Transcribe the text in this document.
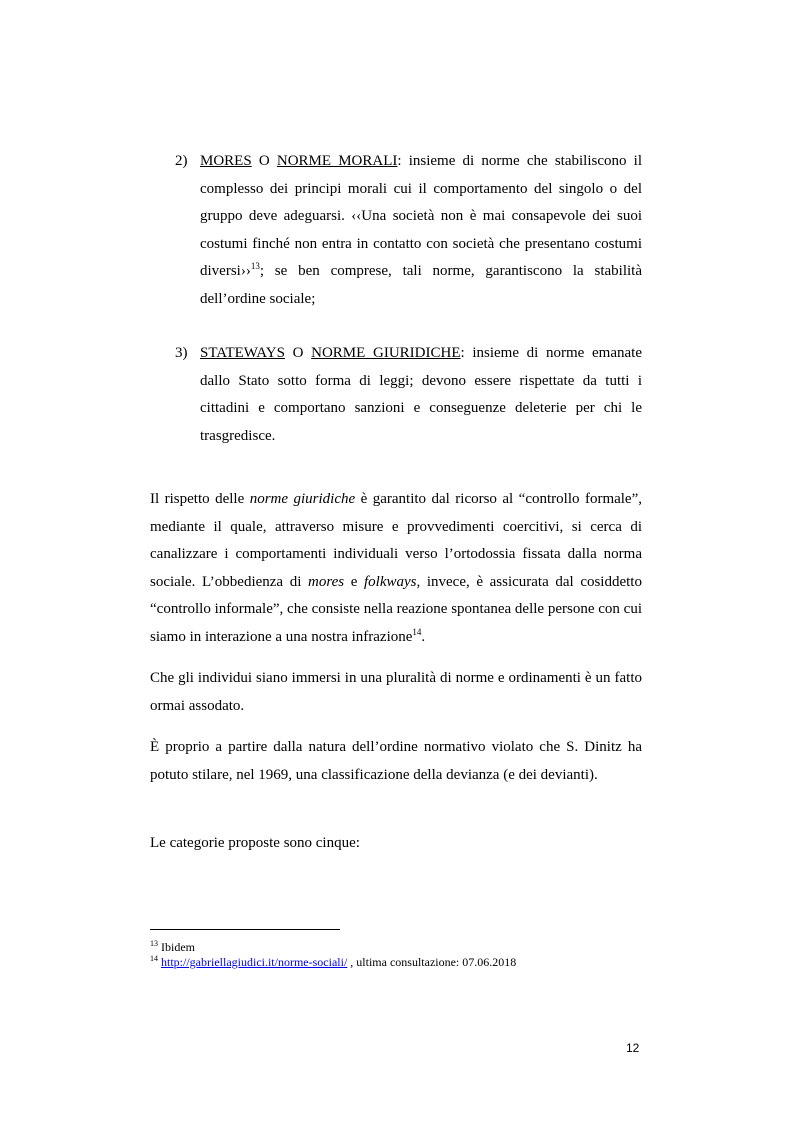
2) MORES O NORME MORALI: insieme di norme che stabiliscono il complesso dei principi morali cui il comportamento del singolo o del gruppo deve adeguarsi. ‹‹Una società non è mai consapevole dei suoi costumi finché non entra in contatto con società che presentano costumi diversi››$^{13}$; se ben comprese, tali norme, garantiscono la stabilità dell’ordine sociale;
3) STATEWAYS O NORME GIURIDICHE: insieme di norme emanate dallo Stato sotto forma di leggi; devono essere rispettate da tutti i cittadini e comportano sanzioni e conseguenze deleterie per chi le trasgredisce.

Il rispetto delle norme giuridiche è garantito dal ricorso al “controllo formale”, mediante il quale, attraverso misure e provvedimenti coercitivi, si cerca di canalizzare i comportamenti individuali verso l’ortodossia fissata dalla norma sociale. L’obbedienza di mores e folkways, invece, è assicurata dal cosiddetto “controllo informale”, che consiste nella reazione spontanea delle persone con cui siamo in interazione a una nostra infrazione$^{14}$.

Che gli individui siano immersi in una pluralità di norme e ordinamenti è un fatto ormai assodato.

È proprio a partire dalla natura dell’ordine normativo violato che S. Dinitz ha potuto stilare, nel 1969, una classificazione della devianza (e dei devianti).

Le categorie proposte sono cinque:

$^{13}$ Ibidem
$^{14}$ http://gabriellagiudici.it/norme-sociali/ , ultima consultazione: 07.06.2018
12
